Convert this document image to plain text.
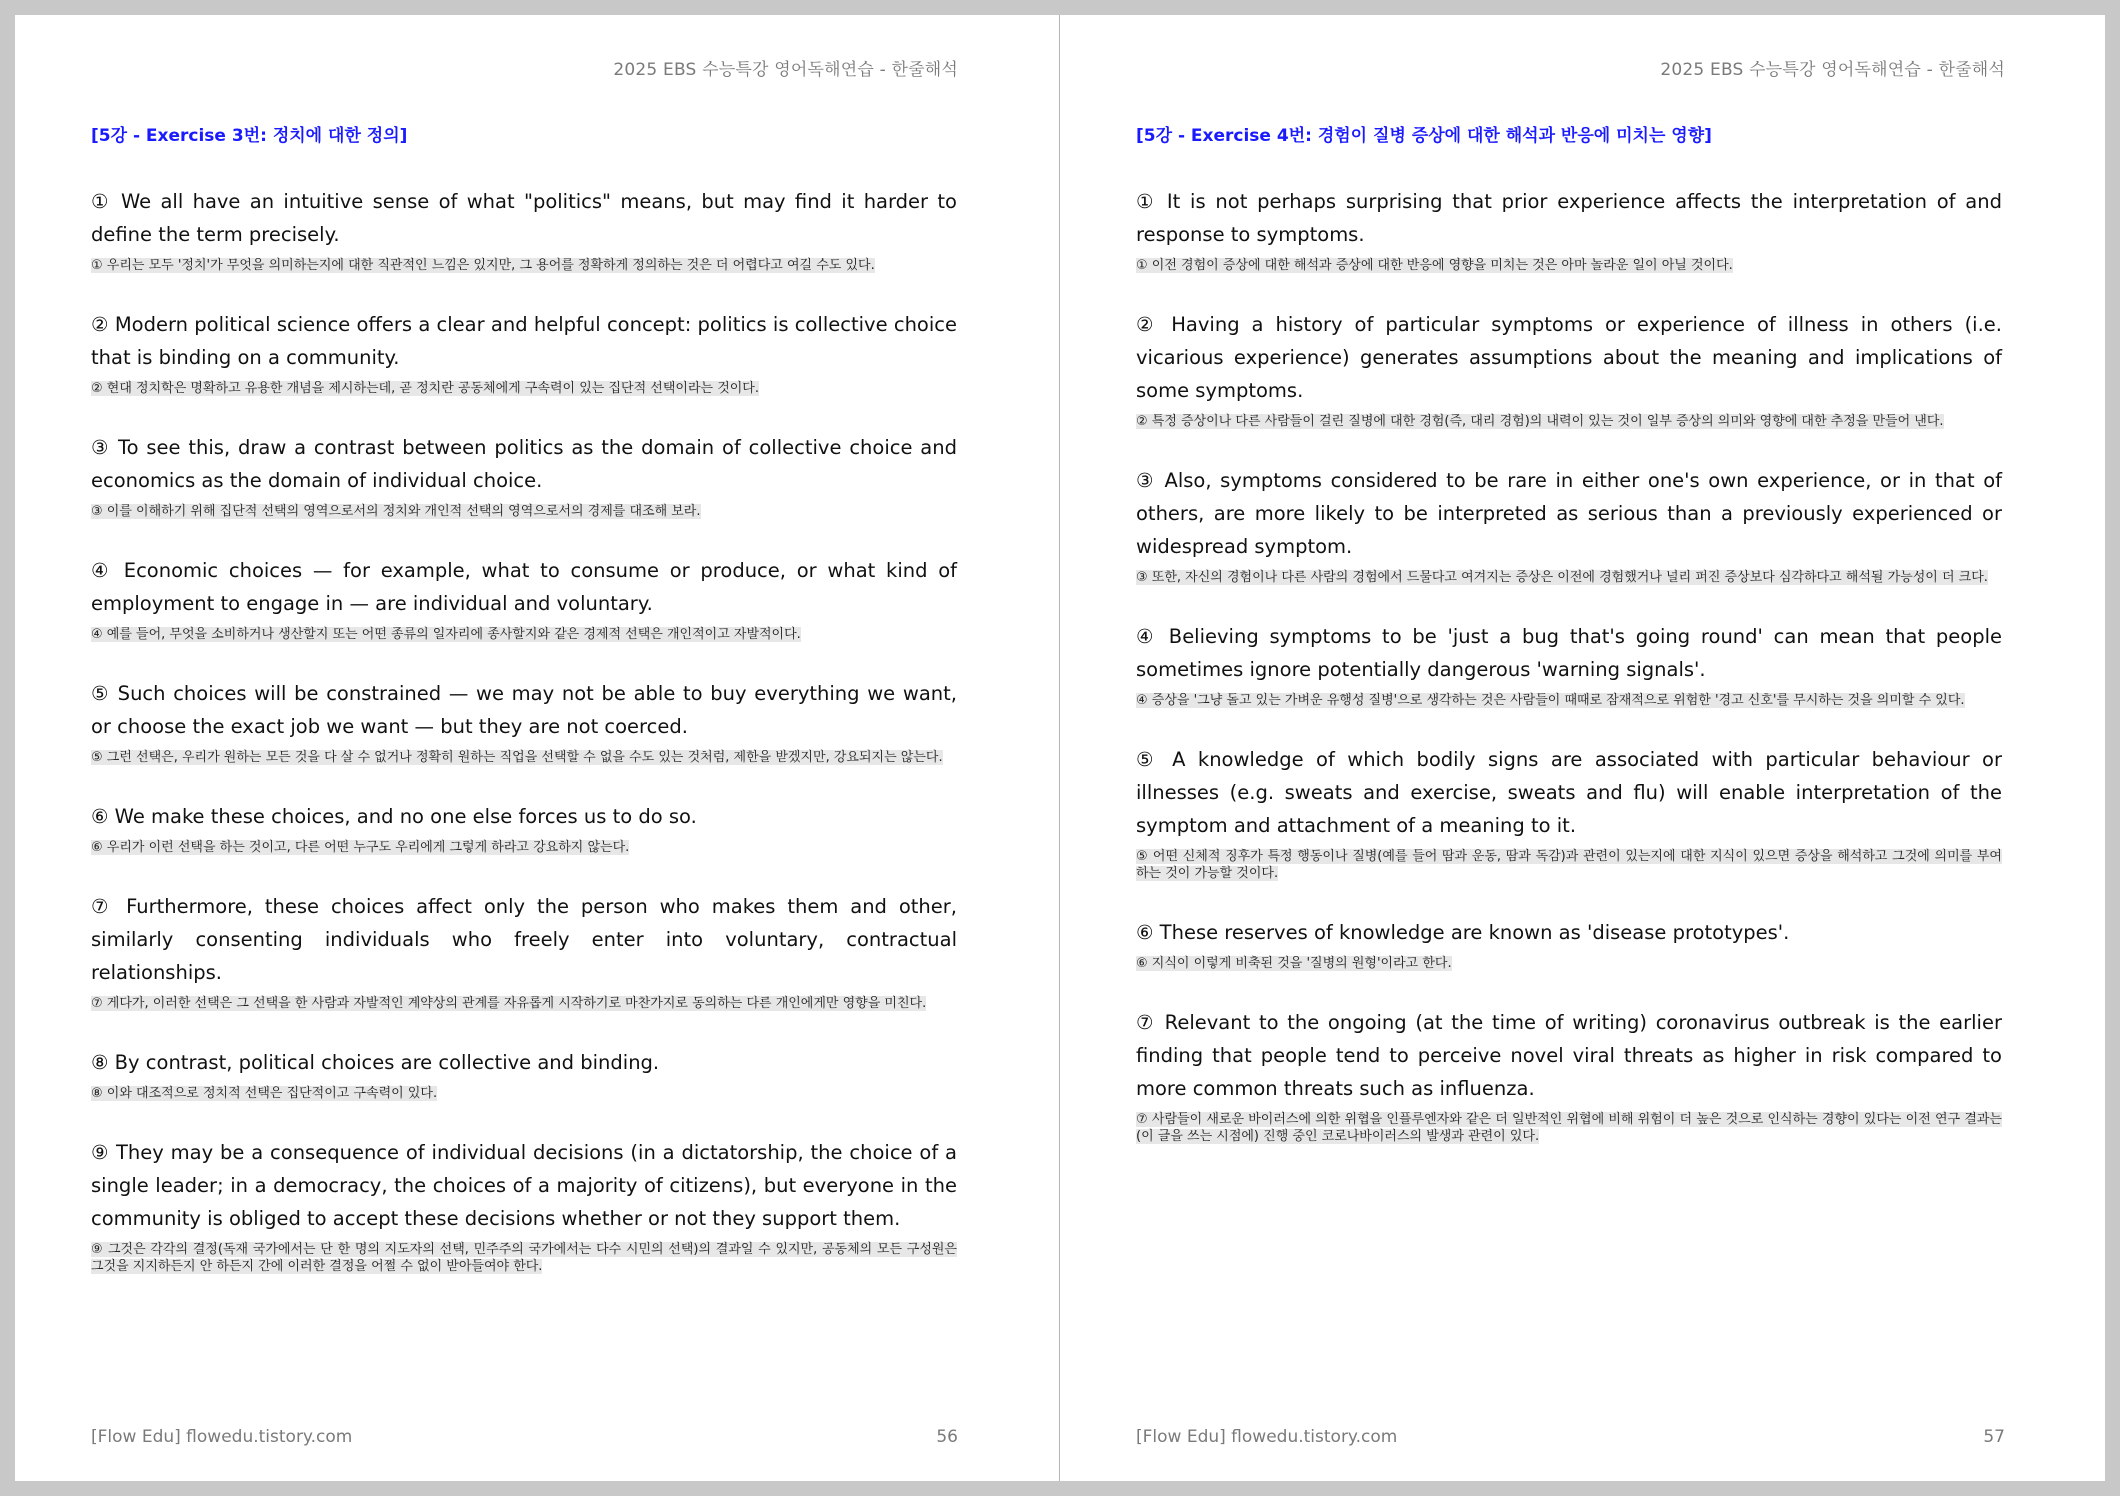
2025 EBS 수능특강 영어독해연습 - 한줄해석
[5강 - Exercise 3번: 정치에 대한 정의]

① We all have an intuitive sense of what "politics" means, but may find it harder to define the term precisely.

① 우리는 모두 '정치'가 무엇을 의미하는지에 대한 직관적인 느낌은 있지만, 그 용어를 정확하게 정의하는 것은 더 어렵다고 여길 수도 있다.

② Modern political science offers a clear and helpful concept: politics is collective choice that is binding on a community.

② 현대 정치학은 명확하고 유용한 개념을 제시하는데, 곧 정치란 공동체에게 구속력이 있는 집단적 선택이라는 것이다.

③ To see this, draw a contrast between politics as the domain of collective choice and economics as the domain of individual choice.

③ 이를 이해하기 위해 집단적 선택의 영역으로서의 정치와 개인적 선택의 영역으로서의 경제를 대조해 보라.

④ Economic choices — for example, what to consume or produce, or what kind of employment to engage in — are individual and voluntary.

④ 예를 들어, 무엇을 소비하거나 생산할지 또는 어떤 종류의 일자리에 종사할지와 같은 경제적 선택은 개인적이고 자발적이다.

⑤ Such choices will be constrained — we may not be able to buy everything we want, or choose the exact job we want — but they are not coerced.

⑤ 그런 선택은, 우리가 원하는 모든 것을 다 살 수 없거나 정확히 원하는 직업을 선택할 수 없을 수도 있는 것처럼, 제한을 받겠지만, 강요되지는 않는다.

⑥ We make these choices, and no one else forces us to do so.

⑥ 우리가 이런 선택을 하는 것이고, 다른 어떤 누구도 우리에게 그렇게 하라고 강요하지 않는다.

⑦ Furthermore, these choices affect only the person who makes them and other, similarly consenting individuals who freely enter into voluntary, contractual relationships.

⑦ 게다가, 이러한 선택은 그 선택을 한 사람과 자발적인 계약상의 관계를 자유롭게 시작하기로 마찬가지로 동의하는 다른 개인에게만 영향을 미친다.

⑧ By contrast, political choices are collective and binding.

⑧ 이와 대조적으로 정치적 선택은 집단적이고 구속력이 있다.

⑨ They may be a consequence of individual decisions (in a dictatorship, the choice of a single leader; in a democracy, the choices of a majority of citizens), but everyone in the community is obliged to accept these decisions whether or not they support them.

⑨ 그것은 각각의 결정(독재 국가에서는 단 한 명의 지도자의 선택, 민주주의 국가에서는 다수 시민의 선택)의 결과일 수 있지만, 공동체의 모든 구성원은 그것을 지지하든지 안 하든지 간에 이러한 결정을 어쩔 수 없이 받아들여야 한다.

[Flow Edu] flowedu.tistory.com	56
2025 EBS 수능특강 영어독해연습 - 한줄해석
[5강 - Exercise 4번: 경험이 질병 증상에 대한 해석과 반응에 미치는 영향]

① It is not perhaps surprising that prior experience affects the interpretation of and response to symptoms.

① 이전 경험이 증상에 대한 해석과 증상에 대한 반응에 영향을 미치는 것은 아마 놀라운 일이 아닐 것이다.

② Having a history of particular symptoms or experience of illness in others (i.e. vicarious experience) generates assumptions about the meaning and implications of some symptoms.

② 특정 증상이나 다른 사람들이 걸린 질병에 대한 경험(즉, 대리 경험)의 내력이 있는 것이 일부 증상의 의미와 영향에 대한 추정을 만들어 낸다.

③ Also, symptoms considered to be rare in either one's own experience, or in that of others, are more likely to be interpreted as serious than a previously experienced or widespread symptom.

③ 또한, 자신의 경험이나 다른 사람의 경험에서 드물다고 여겨지는 증상은 이전에 경험했거나 널리 퍼진 증상보다 심각하다고 해석될 가능성이 더 크다.

④ Believing symptoms to be 'just a bug that's going round' can mean that people sometimes ignore potentially dangerous 'warning signals'.

④ 증상을 '그냥 돌고 있는 가벼운 유행성 질병'으로 생각하는 것은 사람들이 때때로 잠재적으로 위험한 '경고 신호'를 무시하는 것을 의미할 수 있다.

⑤ A knowledge of which bodily signs are associated with particular behaviour or illnesses (e.g. sweats and exercise, sweats and flu) will enable interpretation of the symptom and attachment of a meaning to it.

⑤ 어떤 신체적 징후가 특정 행동이나 질병(예를 들어 땀과 운동, 땀과 독감)과 관련이 있는지에 대한 지식이 있으면 증상을 해석하고 그것에 의미를 부여하는 것이 가능할 것이다.

⑥ These reserves of knowledge are known as 'disease prototypes'.

⑥ 지식이 이렇게 비축된 것을 '질병의 원형'이라고 한다.

⑦ Relevant to the ongoing (at the time of writing) coronavirus outbreak is the earlier finding that people tend to perceive novel viral threats as higher in risk compared to more common threats such as influenza.

⑦ 사람들이 새로운 바이러스에 의한 위협을 인플루엔자와 같은 더 일반적인 위협에 비해 위험이 더 높은 것으로 인식하는 경향이 있다는 이전 연구 결과는 (이 글을 쓰는 시점에) 진행 중인 코로나바이러스의 발생과 관련이 있다.

[Flow Edu] flowedu.tistory.com	57
